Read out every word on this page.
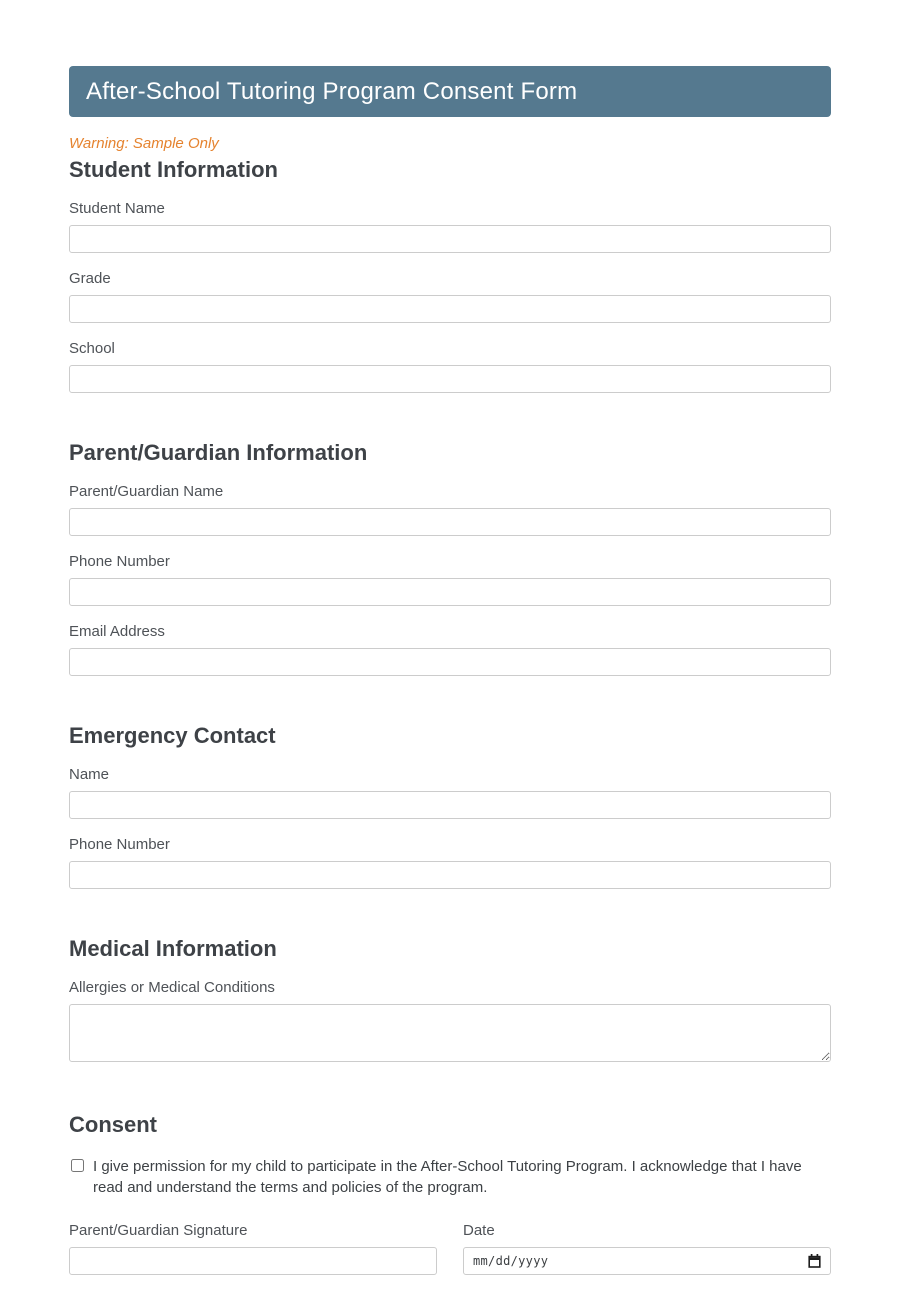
After-School Tutoring Program Consent Form
Warning: Sample Only
Student Information
Student Name
Grade
School
Parent/Guardian Information
Parent/Guardian Name
Phone Number
Email Address
Emergency Contact
Name
Phone Number
Medical Information
Allergies or Medical Conditions
Consent
I give permission for my child to participate in the After-School Tutoring Program. I acknowledge that I have read and understand the terms and policies of the program.
Parent/Guardian Signature	Date
mm/dd/yyyy
